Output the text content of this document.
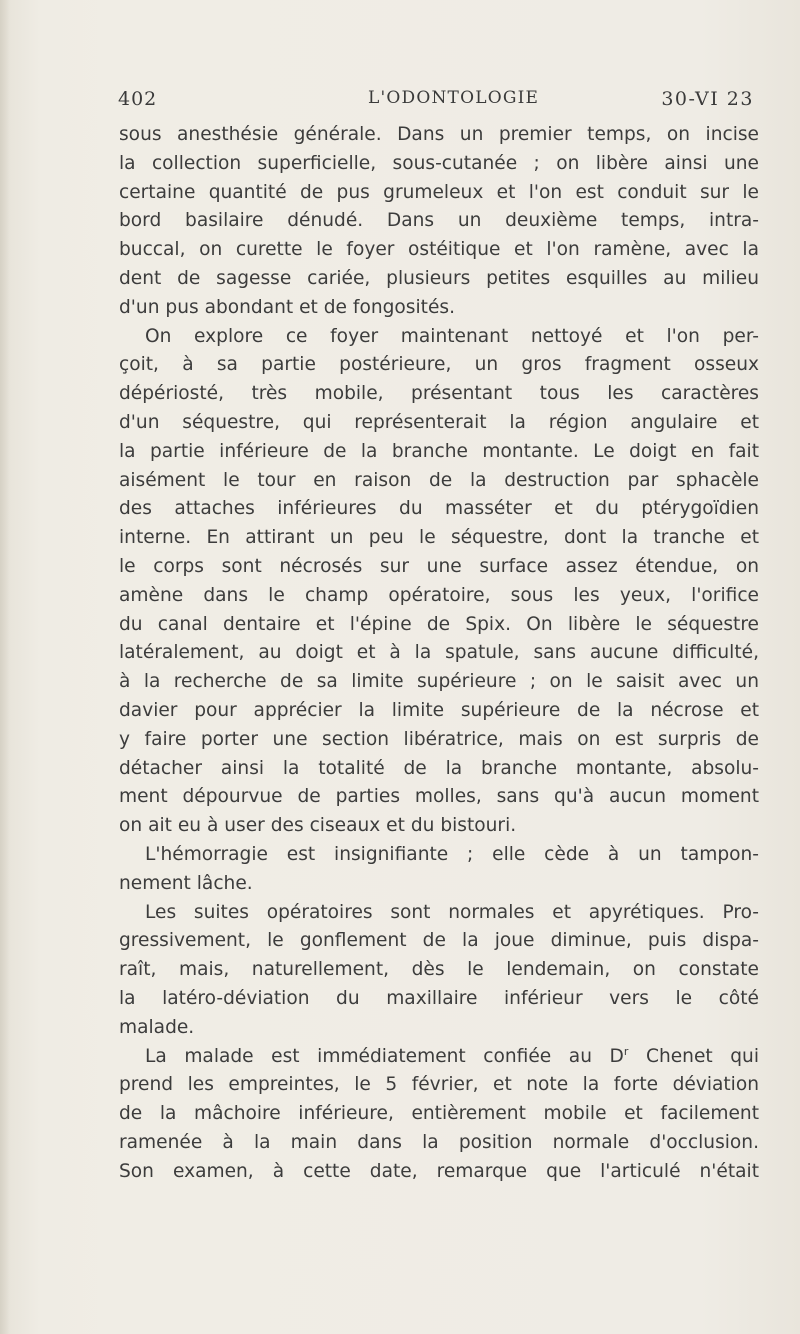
402	L'ODONTOLOGIE	30-VI 23
sous anesthésie générale. Dans un premier temps, on incise
la collection superficielle, sous-cutanée ; on libère ainsi une
certaine quantité de pus grumeleux et l'on est conduit sur le
bord basilaire dénudé. Dans un deuxième temps, intra-
buccal, on curette le foyer ostéitique et l'on ramène, avec la
dent de sagesse cariée, plusieurs petites esquilles au milieu
d'un pus abondant et de fongosités.
On explore ce foyer maintenant nettoyé et l'on per-
çoit, à sa partie postérieure, un gros fragment osseux
dépériosté, très mobile, présentant tous les caractères
d'un séquestre, qui représenterait la région angulaire et
la partie inférieure de la branche montante. Le doigt en fait
aisément le tour en raison de la destruction par sphacèle
des attaches inférieures du masséter et du ptérygoïdien
interne. En attirant un peu le séquestre, dont la tranche et
le corps sont nécrosés sur une surface assez étendue, on
amène dans le champ opératoire, sous les yeux, l'orifice
du canal dentaire et l'épine de Spix. On libère le séquestre
latéralement, au doigt et à la spatule, sans aucune difficulté,
à la recherche de sa limite supérieure ; on le saisit avec un
davier pour apprécier la limite supérieure de la nécrose et
y faire porter une section libératrice, mais on est surpris de
détacher ainsi la totalité de la branche montante, absolu-
ment dépourvue de parties molles, sans qu'à aucun moment
on ait eu à user des ciseaux et du bistouri.
L'hémorragie est insignifiante ; elle cède à un tampon-
nement lâche.
Les suites opératoires sont normales et apyrétiques. Pro-
gressivement, le gonflement de la joue diminue, puis dispa-
raît, mais, naturellement, dès le lendemain, on constate
la latéro-déviation du maxillaire inférieur vers le côté
malade.
La malade est immédiatement confiée au $D^r$ Chenet qui
prend les empreintes, le 5 février, et note la forte déviation
de la mâchoire inférieure, entièrement mobile et facilement
ramenée à la main dans la position normale d'occlusion.
Son examen, à cette date, remarque que l'articulé n'était
